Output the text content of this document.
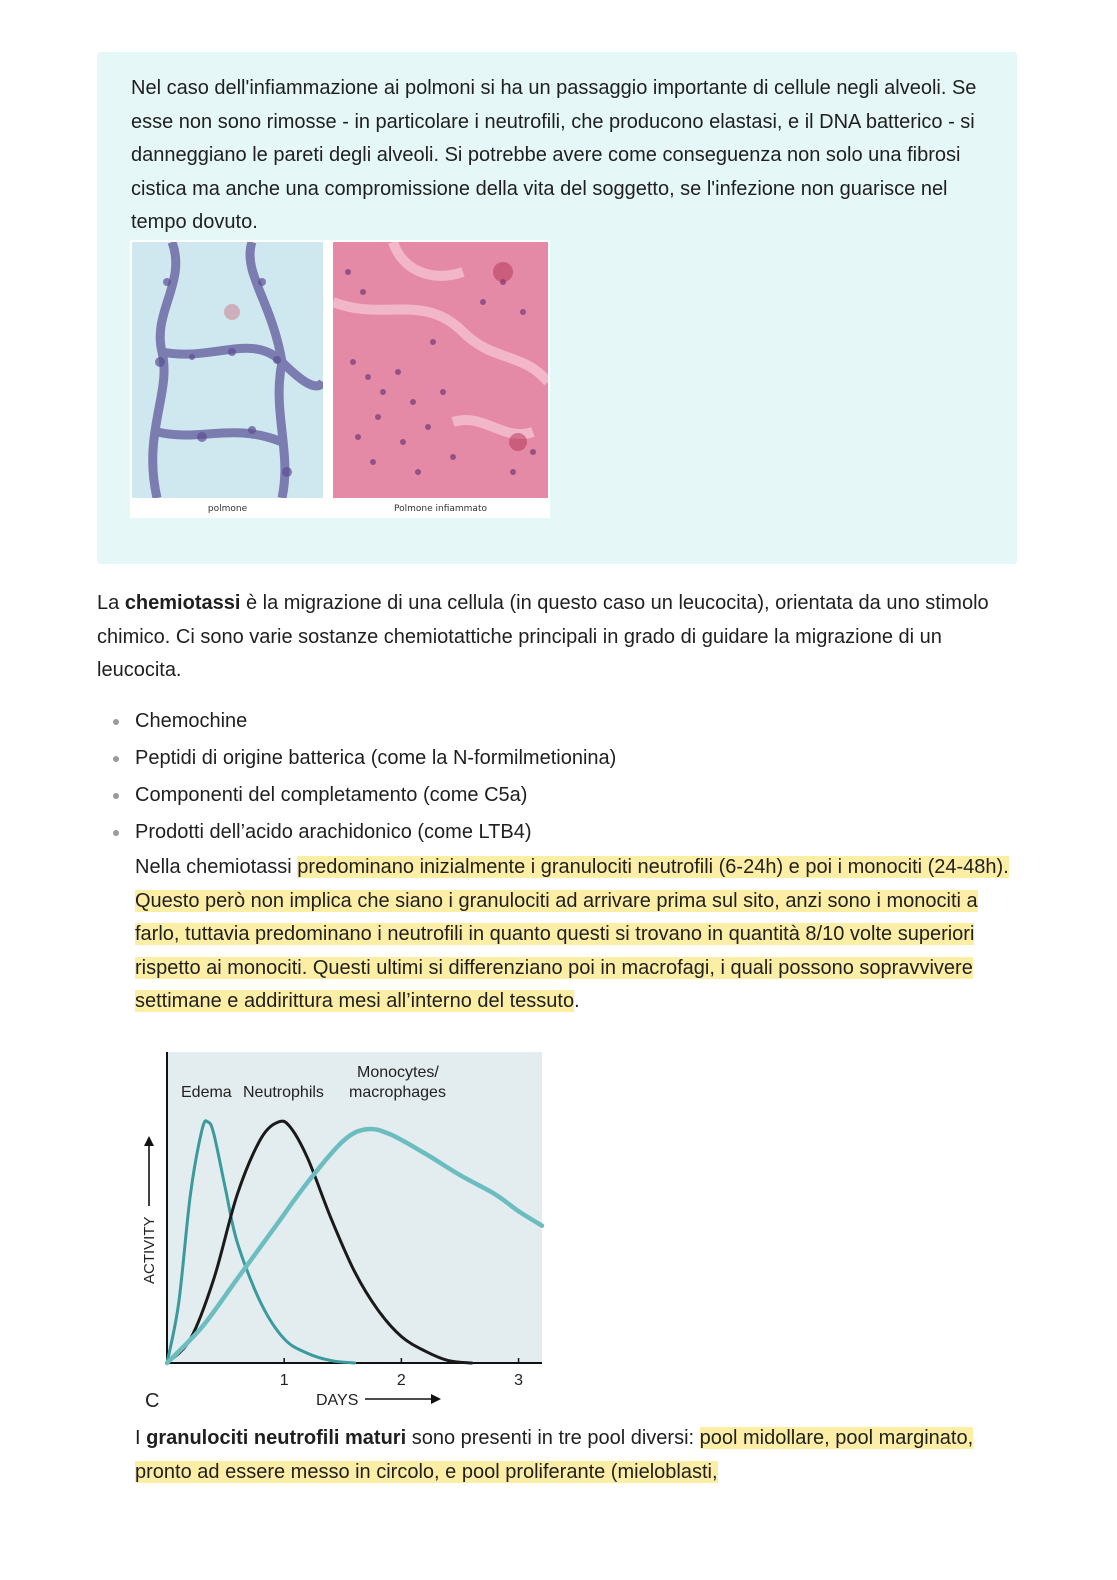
Nel caso dell'infiammazione ai polmoni si ha un passaggio importante di cellule negli alveoli. Se esse non sono rimosse - in particolare i neutrofili, che producono elastasi, e il DNA batterico - si danneggiano le pareti degli alveoli. Si potrebbe avere come conseguenza non solo una fibrosi cistica ma anche una compromissione della vita del soggetto, se l'infezione non guarisce nel tempo dovuto.

polmone	Polmone infiammato

La chemiotassi è la migrazione di una cellula (in questo caso un leucocita), orientata da uno stimolo chimico. Ci sono varie sostanze chemiotattiche principali in grado di guidare la migrazione di un leucocita.

Chemochine
Peptidi di origine batterica (come la N-formilmetionina)
Componenti del completamento (come C5a)
Prodotti dell’acido arachidonico (come LTB4)

Nella chemiotassi predominano inizialmente i granulociti neutrofili (6-24h) e poi i monociti (24-48h). Questo però non implica che siano i granulociti ad arrivare prima sul sito, anzi sono i monociti a farlo, tuttavia predominano i neutrofili in quanto questi si trovano in quantità 8/10 volte superiori rispetto ai monociti. Questi ultimi si differenziano poi in macrofagi, i quali possono sopravvivere settimane e addirittura mesi all’interno del tessuto.

1	2	3
Edema Neutrophils
Monocytes/
macrophages
ACTIVITY
C	DAYS

I granulociti neutrofili maturi sono presenti in tre pool diversi: pool midollare, pool marginato, pronto ad essere messo in circolo, e pool proliferante (mieloblasti,
